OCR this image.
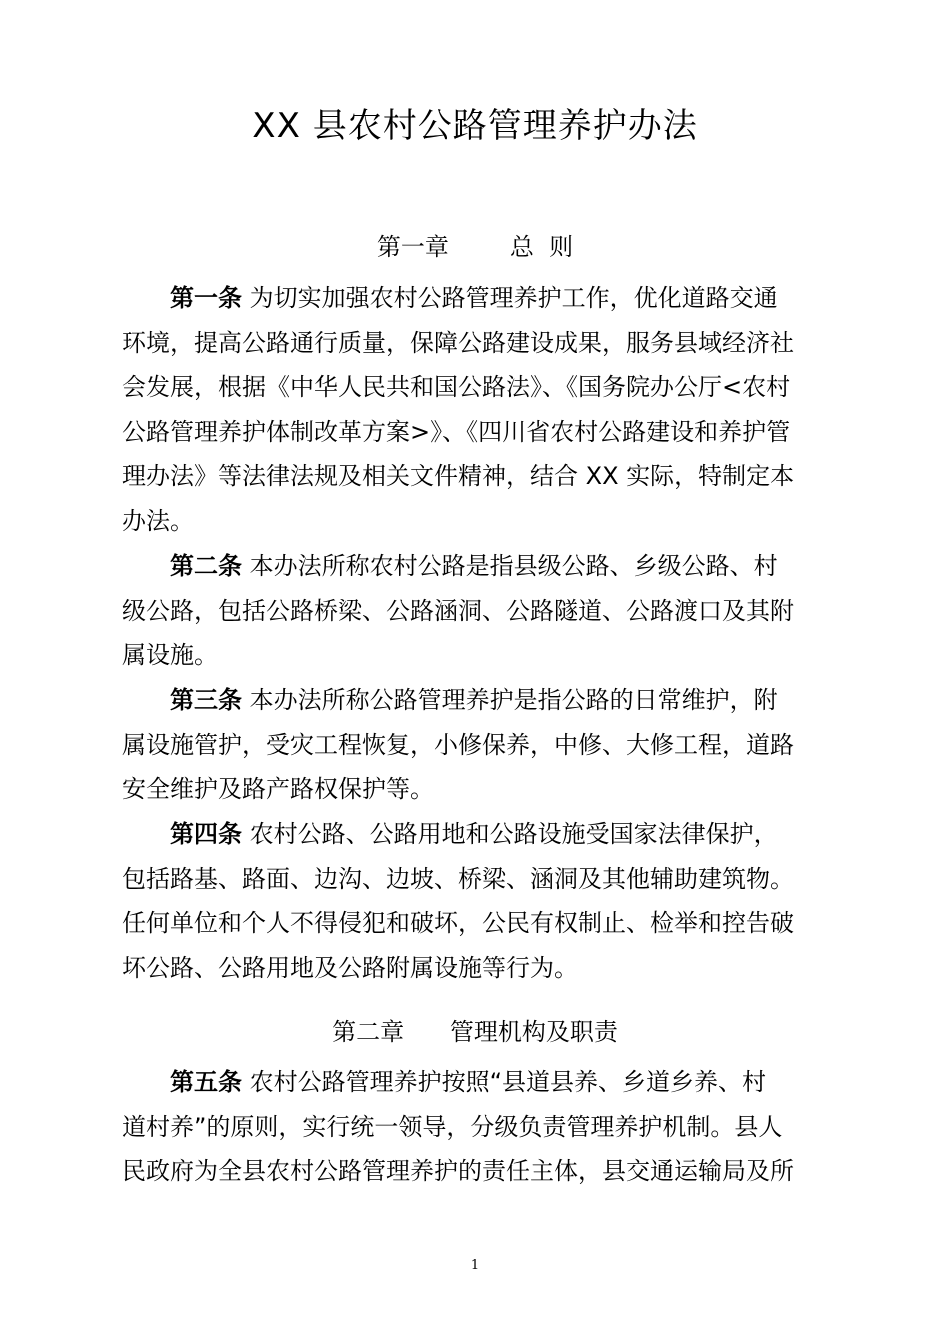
XX 县农村公路管理养护办法
第一章        总  则

第一条 为切实加强农村公路管理养护工作，优化道路交通
环境，提高公路通行质量，保障公路建设成果，服务县域经济社
会发展，根据《中华人民共和国公路法》、《国务院办公厅<农村
公路管理养护体制改革方案>》、《四川省农村公路建设和养护管
理办法》等法律法规及相关文件精神，结合 XX 实际，特制定本
办法。

第二条 本办法所称农村公路是指县级公路、乡级公路、村
级公路，包括公路桥梁、公路涵洞、公路隧道、公路渡口及其附
属设施。

第三条 本办法所称公路管理养护是指公路的日常维护，附
属设施管护，受灾工程恢复，小修保养，中修、大修工程，道路
安全维护及路产路权保护等。

第四条 农村公路、公路用地和公路设施受国家法律保护，
包括路基、路面、边沟、边坡、桥梁、涵洞及其他辅助建筑物。
任何单位和个人不得侵犯和破坏，公民有权制止、检举和控告破
坏公路、公路用地及公路附属设施等行为。

第二章      管理机构及职责

第五条 农村公路管理养护按照“县道县养、乡道乡养、村
道村养”的原则，实行统一领导，分级负责管理养护机制。县人
民政府为全县农村公路管理养护的责任主体，县交通运输局及所

1
